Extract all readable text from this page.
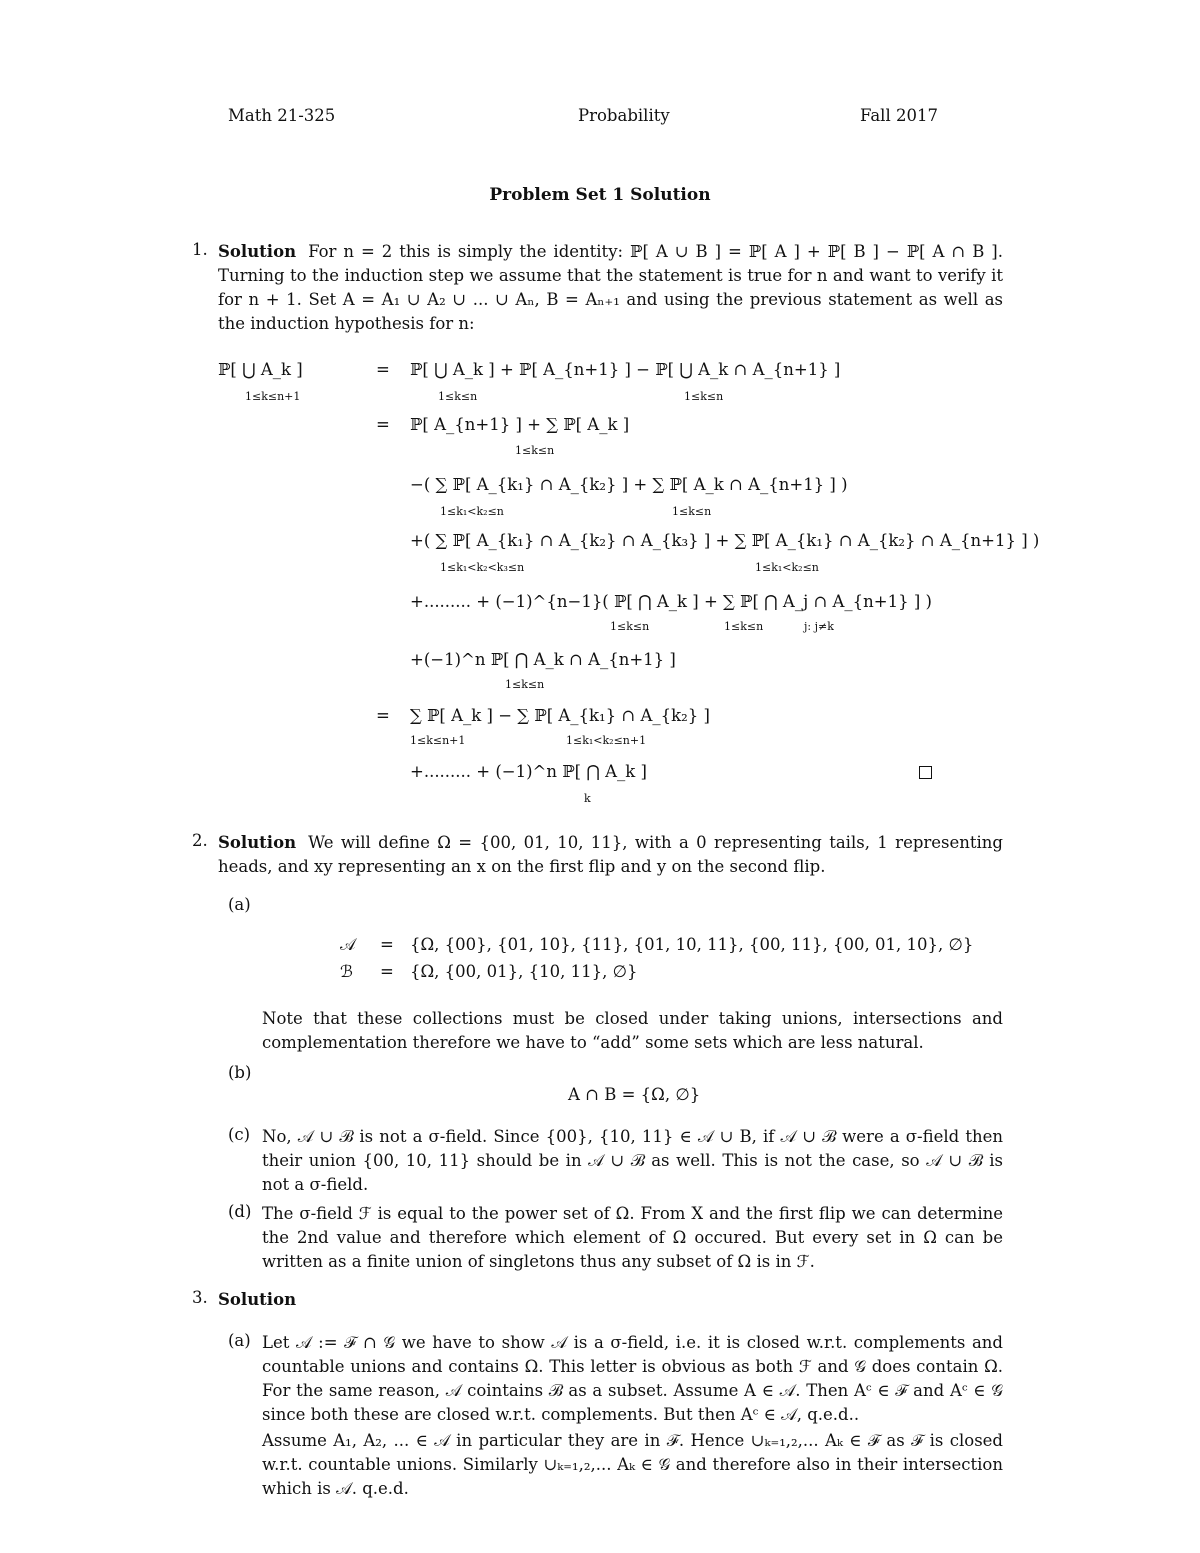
Math 21-325	Probability	Fall 2017
Problem Set 1 Solution
1. Solution For n = 2 this is simply the identity: ℙ[ A ∪ B ] = ℙ[ A ] + ℙ[ B ] − ℙ[ A ∩ B ]. Turning to the induction step we assume that the statement is true for n and want to verify it for n + 1. Set A = A₁ ∪ A₂ ∪ ... ∪ Aₙ, B = Aₙ₊₁ and using the previous statement as well as the induction hypothesis for n:
ℙ[ ⋃ A_k ]
1≤k≤n+1
= ℙ[ ⋃ A_k ] + ℙ[ A_{n+1} ] − ℙ[ ⋃ A_k ∩ A_{n+1} ]
1≤k≤n	1≤k≤n
= ℙ[ A_{n+1} ] + ∑ ℙ[ A_k ]
1≤k≤n
−( ∑ ℙ[ A_{k₁} ∩ A_{k₂} ] + ∑ ℙ[ A_k ∩ A_{n+1} ] )
1≤k₁<k₂≤n	1≤k≤n
+( ∑ ℙ[ A_{k₁} ∩ A_{k₂} ∩ A_{k₃} ] + ∑ ℙ[ A_{k₁} ∩ A_{k₂} ∩ A_{n+1} ] )
1≤k₁<k₂<k₃≤n	1≤k₁<k₂≤n
+......... + (−1)^{n−1}( ℙ[ ⋂ A_k ] + ∑ ℙ[ ⋂ A_j ∩ A_{n+1} ] )
1≤k≤n	1≤k≤n	j: j≠k
+(−1)^n ℙ[ ⋂ A_k ∩ A_{n+1} ]
1≤k≤n
= ∑ ℙ[ A_k ] − ∑ ℙ[ A_{k₁} ∩ A_{k₂} ]
1≤k≤n+1	1≤k₁<k₂≤n+1
+......... + (−1)^n ℙ[ ⋂ A_k ]
k
2. Solution We will define Ω = {00, 01, 10, 11}, with a 0 representing tails, 1 representing heads, and xy representing an x on the first flip and y on the second flip.
(a)
𝒜 = {Ω, {00}, {01, 10}, {11}, {01, 10, 11}, {00, 11}, {00, 01, 10}, ∅}
ℬ = {Ω, {00, 01}, {10, 11}, ∅}
Note that these collections must be closed under taking unions, intersections and complementation therefore we have to “add” some sets which are less natural.
(b)
A ∩ B = {Ω, ∅}
(c) No, 𝒜 ∪ ℬ is not a σ-field. Since {00}, {10, 11} ∈ 𝒜 ∪ B, if 𝒜 ∪ ℬ were a σ-field then their union {00, 10, 11} should be in 𝒜 ∪ ℬ as well. This is not the case, so 𝒜 ∪ ℬ is not a σ-field.
(d) The σ-field ℱ is equal to the power set of Ω. From X and the first flip we can determine the 2nd value and therefore which element of Ω occured. But every set in Ω can be written as a finite union of singletons thus any subset of Ω is in ℱ.
3. Solution
(a) Let 𝒜 := ℱ ∩ 𝒢 we have to show 𝒜 is a σ-field, i.e. it is closed w.r.t. complements and countable unions and contains Ω. This letter is obvious as both ℱ and 𝒢 does contain Ω. For the same reason, 𝒜 cointains ℬ as a subset. Assume A ∈ 𝒜. Then Aᶜ ∈ ℱ and Aᶜ ∈ 𝒢 since both these are closed w.r.t. complements. But then Aᶜ ∈ 𝒜, q.e.d..
Assume A₁, A₂, ... ∈ 𝒜 in particular they are in ℱ. Hence ∪ₖ₌₁,₂,... Aₖ ∈ ℱ as ℱ is closed w.r.t. countable unions. Similarly ∪ₖ₌₁,₂,... Aₖ ∈ 𝒢 and therefore also in their intersection which is 𝒜. q.e.d.
